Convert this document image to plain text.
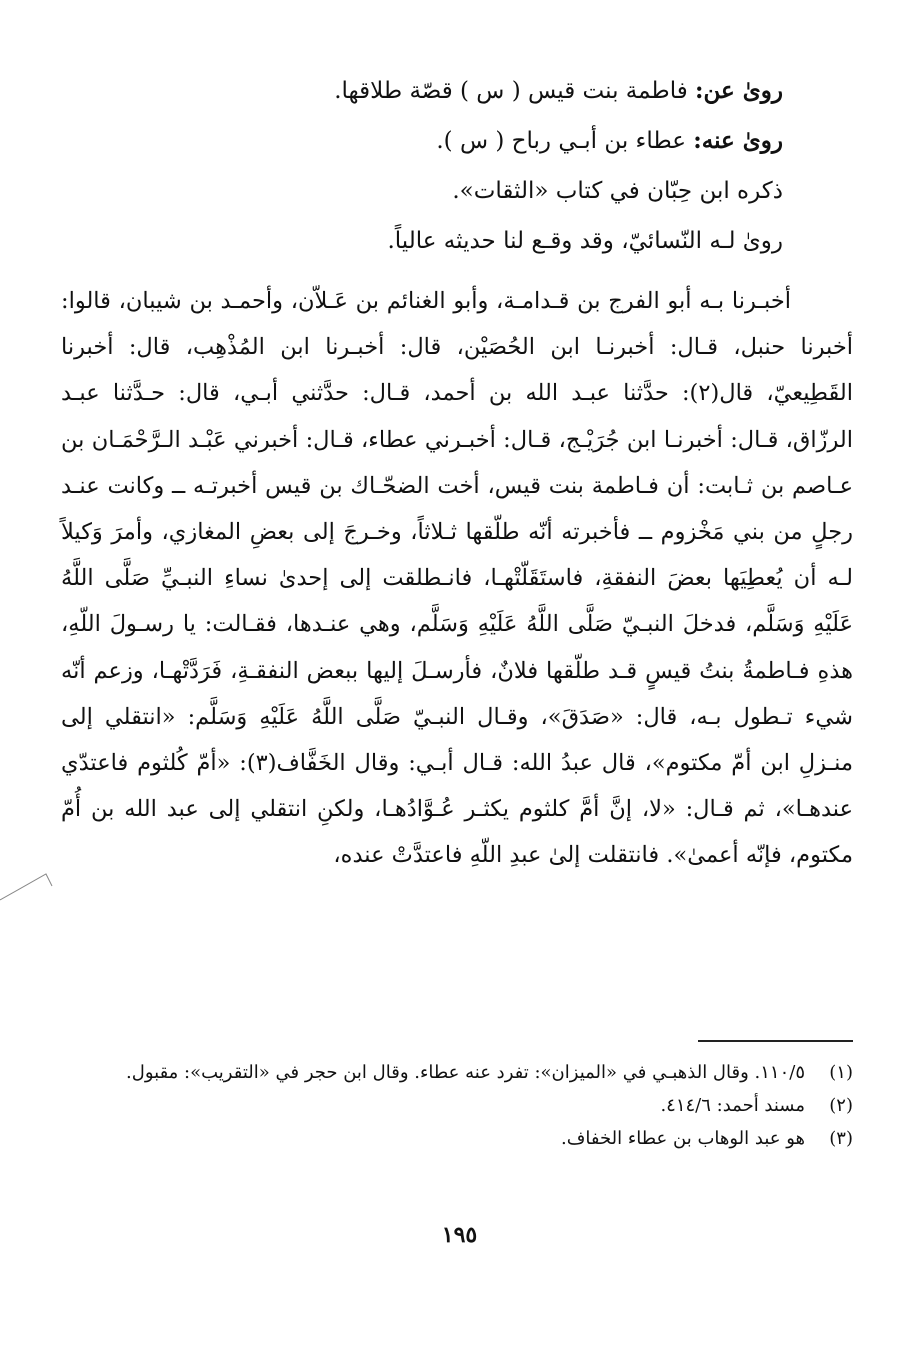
روىٰ عن: فاطمة بنت قيس ( س ) قصّة طلاقها.
روىٰ عنه: عطاء بن أبـي رباح ( س ).
ذكره ابن حِبّان في كتاب «الثقات».
روىٰ لـه النّسائيّ، وقد وقـع لنا حديثه عالياً.

أخبـرنا بـه أبو الفرج بن قـدامـة، وأبو الغنائم بن عَـلاّن، وأحمـد بن شيبان، قالوا: أخبرنا حنبل، قـال: أخبرنـا ابن الحُصَيْن، قال: أخبـرنا ابن المُذْهِب، قال: أخبرنا القَطِيعيّ، قال(٢): حدَّثنا عبـد الله بن أحمد، قـال: حدَّثني أبـي، قال: حـدَّثنا عبـد الرزّاق، قـال: أخبرنـا ابن جُرَيْـج، قـال: أخبـرني عطاء، قـال: أخبرني عَبْـد الـرَّحْمَـان بن عـاصم بن ثـابت: أن فـاطمة بنت قيس، أخت الضحّـاك بن قيس أخبرتـه ــ وكانت عنـد رجلٍ من بني مَخْزوم ــ فأخبرته أنّه طلّقها ثـلاثاً، وخـرجَ إلى بعضِ المغازي، وأمرَ وَكيلاً لـه أن يُعطِيَها بعضَ النفقةِ، فاستَقَلّتْهـا، فانـطلقت إلى إحدىٰ نساءِ النبـيِّ صَلَّى اللَّهُ عَلَيْهِ وَسَلَّم، فدخلَ النبـيّ صَلَّى اللَّهُ عَلَيْهِ وَسَلَّم، وهي عنـدها، فقـالت: يا رسـولَ اللّهِ، هذهِ فـاطمةُ بنتُ قيسٍ قـد طلّقها فلانٌ، فأرسـلَ إليها ببعض النفقـةِ، فَرَدَّتْهـا، وزعم أنّه شيء تـطول بـه، قال: «صَدَقَ»، وقـال النبـيّ صَلَّى اللَّهُ عَلَيْهِ وَسَلَّم: «انتقلي إلى منـزلِ ابن أمّ مكتوم»، قال عبدُ الله: قـال أبـي: وقال الخَفَّاف(٣): «أمّ كُلثوم فاعتدّي عندهـا»، ثم قـال: «لا، إنَّ أمَّ كلثوم يكثـر عُـوَّادُهـا، ولكنِ انتقلي إلى عبد الله بن أُمّ مكتوم، فإنّه أعمىٰ». فانتقلت إلىٰ عبدِ اللّهِ فاعتدَّتْ عنده،

(١)
١١٠/٥. وقال الذهبـي في «الميزان»: تفرد عنه عطاء. وقال ابن حجر في «التقريب»: مقبول.
(٢)
مسند أحمد: ٤١٤/٦.
(٣)
هو عبد الوهاب بن عطاء الخفاف.
١٩٥
